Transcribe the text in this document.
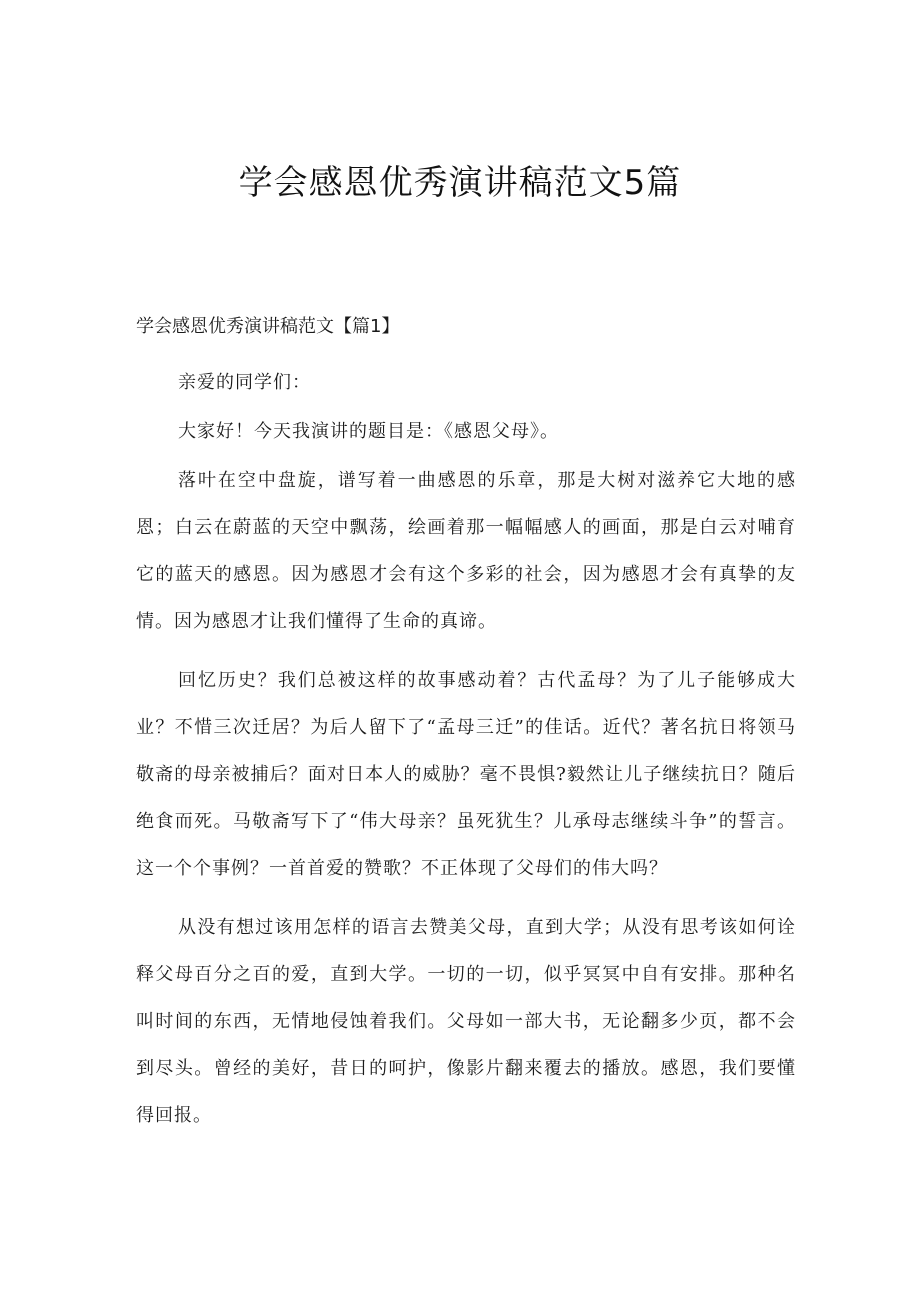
学会感恩优秀演讲稿范文5篇
学会感恩优秀演讲稿范文【篇1】

亲爱的同学们：

大家好！今天我演讲的题目是：《感恩父母》。

落叶在空中盘旋，谱写着一曲感恩的乐章，那是大树对滋养它大地的感恩；白云在蔚蓝的天空中飘荡，绘画着那一幅幅感人的画面，那是白云对哺育它的蓝天的感恩。因为感恩才会有这个多彩的社会，因为感恩才会有真挚的友情。因为感恩才让我们懂得了生命的真谛。

回忆历史？我们总被这样的故事感动着？古代孟母？为了儿子能够成大业？不惜三次迁居？为后人留下了“孟母三迁”的佳话。近代？著名抗日将领马敬斋的母亲被捕后？面对日本人的威胁？毫不畏惧?毅然让儿子继续抗日？随后绝食而死。马敬斋写下了“伟大母亲？虽死犹生？儿承母志继续斗争”的誓言。这一个个事例？一首首爱的赞歌？不正体现了父母们的伟大吗？

从没有想过该用怎样的语言去赞美父母，直到大学；从没有思考该如何诠释父母百分之百的爱，直到大学。一切的一切，似乎冥冥中自有安排。那种名叫时间的东西，无情地侵蚀着我们。父母如一部大书，无论翻多少页，都不会到尽头。曾经的美好，昔日的呵护，像影片翻来覆去的播放。感恩，我们要懂得回报。
